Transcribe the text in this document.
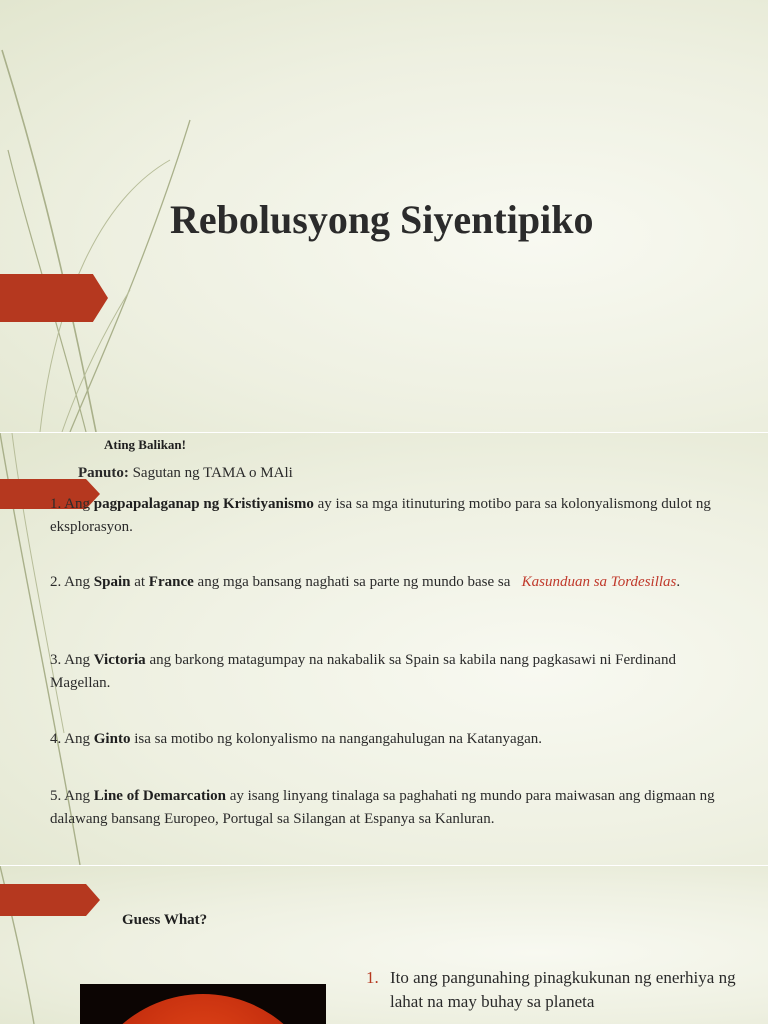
Rebolusyong Siyentipiko
Ating Balikan!
Panuto: Sagutan ng TAMA o MAli
1. Ang pagpapalaganap ng Kristiyanismo ay isa sa mga itinuturing motibo para sa kolonyalismong dulot ng eksplorasyon.
2. Ang Spain at France ang mga bansang naghati sa parte ng mundo base sa   Kasunduan sa Tordesillas.
3. Ang Victoria ang barkong matagumpay na nakabalik sa Spain sa kabila nang pagkasawi ni Ferdinand Magellan.
4. Ang Ginto isa sa motibo ng kolonyalismo na nangangahulugan na Katanyagan.
5. Ang Line of Demarcation ay isang linyang tinalaga sa paghahati ng mundo para maiwasan ang digmaan ng dalawang bansang Europeo, Portugal sa Silangan at Espanya sa Kanluran.
Guess What?
1. Ito ang pangunahing pinagkukunan ng enerhiya ng lahat na may buhay sa planeta
